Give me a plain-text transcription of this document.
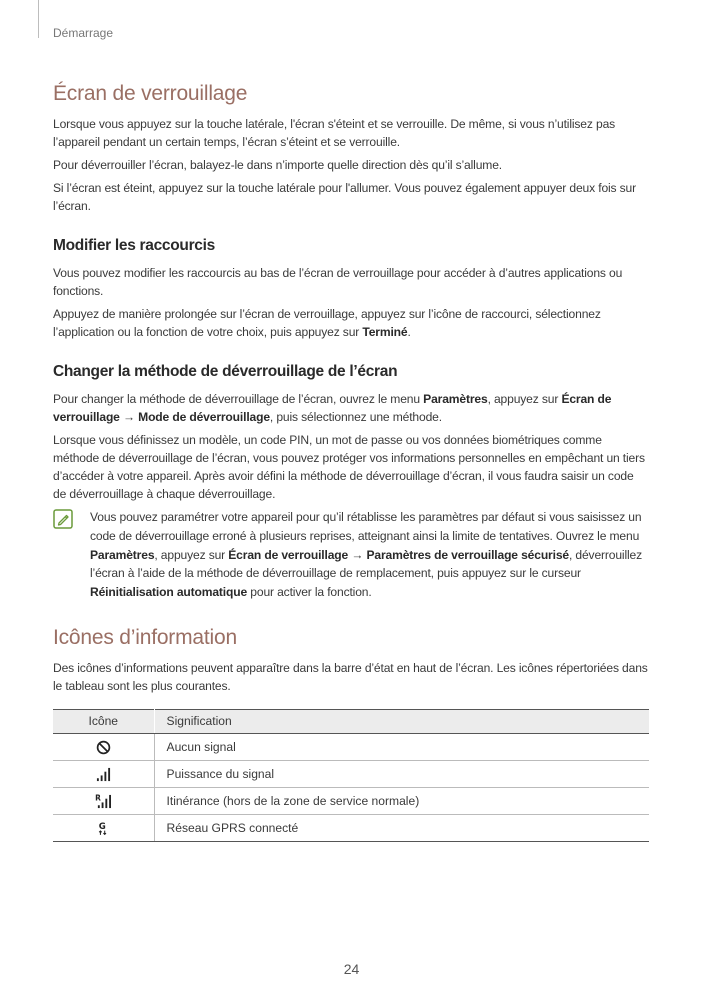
Démarrage
Écran de verrouillage

Lorsque vous appuyez sur la touche latérale, l'écran s'éteint et se verrouille. De même, si vous n’utilisez pas l’appareil pendant un certain temps, l’écran s’éteint et se verrouille.

Pour déverrouiller l’écran, balayez-le dans n’importe quelle direction dès qu’il s’allume.

Si l’écran est éteint, appuyez sur la touche latérale pour l'allumer. Vous pouvez également appuyer deux fois sur l’écran.

Modifier les raccourcis

Vous pouvez modifier les raccourcis au bas de l’écran de verrouillage pour accéder à d’autres applications ou fonctions.

Appuyez de manière prolongée sur l’écran de verrouillage, appuyez sur l’icône de raccourci, sélectionnez l’application ou la fonction de votre choix, puis appuyez sur Terminé.

Changer la méthode de déverrouillage de l’écran

Pour changer la méthode de déverrouillage de l’écran, ouvrez le menu Paramètres, appuyez sur Écran de verrouillage → Mode de déverrouillage, puis sélectionnez une méthode.

Lorsque vous définissez un modèle, un code PIN, un mot de passe ou vos données biométriques comme méthode de déverrouillage de l’écran, vous pouvez protéger vos informations personnelles en empêchant un tiers d’accéder à votre appareil. Après avoir défini la méthode de déverrouillage d’écran, il vous faudra saisir un code de déverrouillage à chaque déverrouillage.

Vous pouvez paramétrer votre appareil pour qu’il rétablisse les paramètres par défaut si vous saisissez un code de déverrouillage erroné à plusieurs reprises, atteignant ainsi la limite de tentatives. Ouvrez le menu Paramètres, appuyez sur Écran de verrouillage → Paramètres de verrouillage sécurisé, déverrouillez l’écran à l’aide de la méthode de déverrouillage de remplacement, puis appuyez sur le curseur Réinitialisation automatique pour activer la fonction.
Icônes d’information

Des icônes d’informations peuvent apparaître dans la barre d’état en haut de l’écran. Les icônes répertoriées dans le tableau sont les plus courantes.

Icône	Signification
	Aucun signal
	Puissance du signal

R	Itinérance (hors de la zone de service normale)

G	Réseau GPRS connecté
24
